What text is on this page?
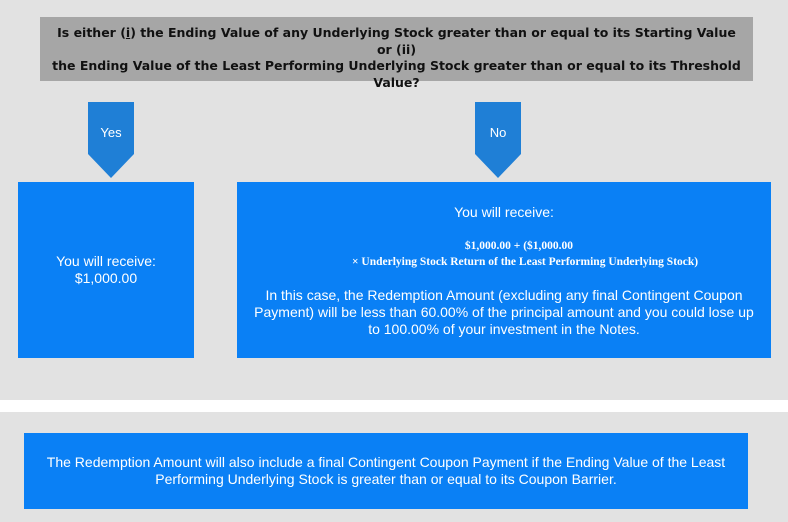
Is either (i) the Ending Value of any Underlying Stock greater than or equal to its Starting Value or (ii)
the Ending Value of the Least Performing Underlying Stock greater than or equal to its Threshold
Value?
Yes	No
You will receive:
$1,000.00
You will receive:
$1,000.00 + ($1,000.00
× Underlying Stock Return of the Least Performing Underlying Stock)
In this case, the Redemption Amount (excluding any final Contingent Coupon Payment) will be less than 60.00% of the principal amount and you could lose up to 100.00% of your investment in the Notes.
The Redemption Amount will also include a final Contingent Coupon Payment if the Ending Value of the Least Performing Underlying Stock is greater than or equal to its Coupon Barrier.
